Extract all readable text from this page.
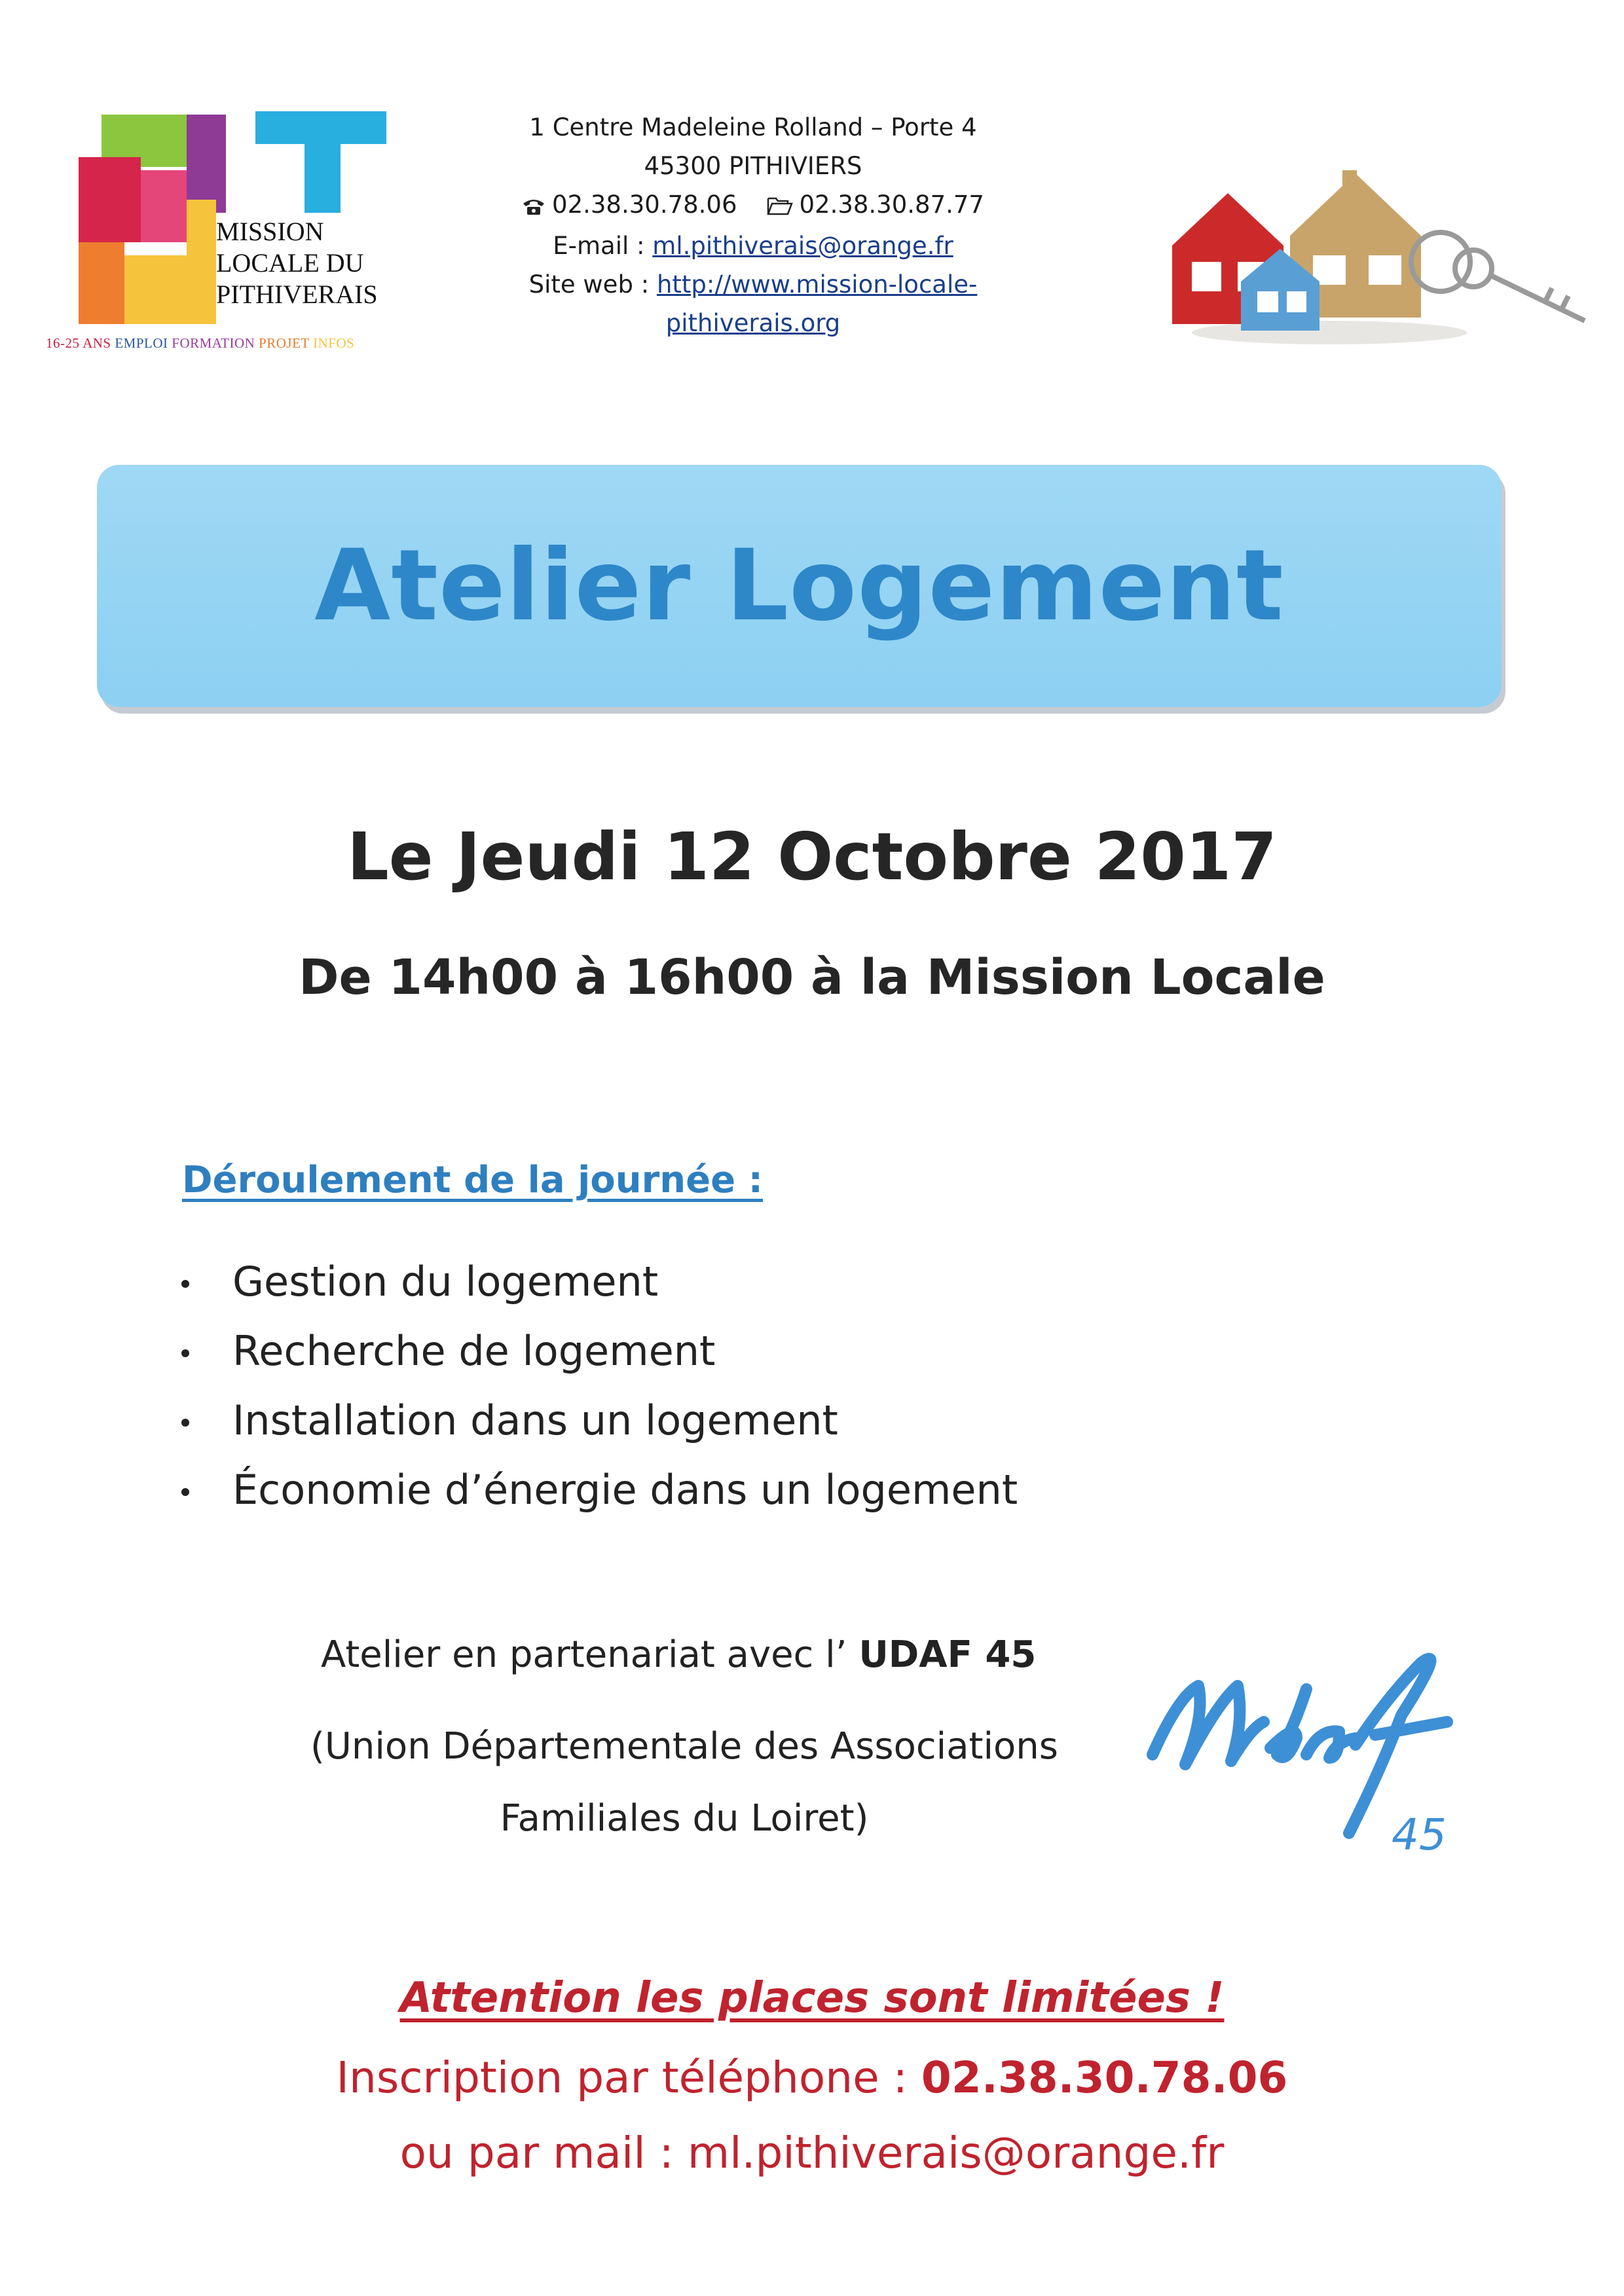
MISSION
LOCALE DU
PITHIVERAIS
16-25 ANS EMPLOI FORMATION PROJET INFOS
1 Centre Madeleine Rolland – Porte 4
45300 PITHIVIERS
02.38.30.78.06	02.38.30.87.77
E-mail : ml.pithiverais@orange.fr
Site web : http://www.mission-locale-
pithiverais.org
Atelier Logement
Le Jeudi 12 Octobre 2017
De 14h00 à 16h00 à la Mission Locale
Déroulement de la journée :
Gestion du logement
Recherche de logement
Installation dans un logement
Économie d’énergie dans un logement
Atelier en partenariat avec l’ UDAF 45
(Union Départementale des Associations
Familiales du Loiret)	45
Attention les places sont limitées !
Inscription par téléphone : 02.38.30.78.06
ou par mail : ml.pithiverais@orange.fr
